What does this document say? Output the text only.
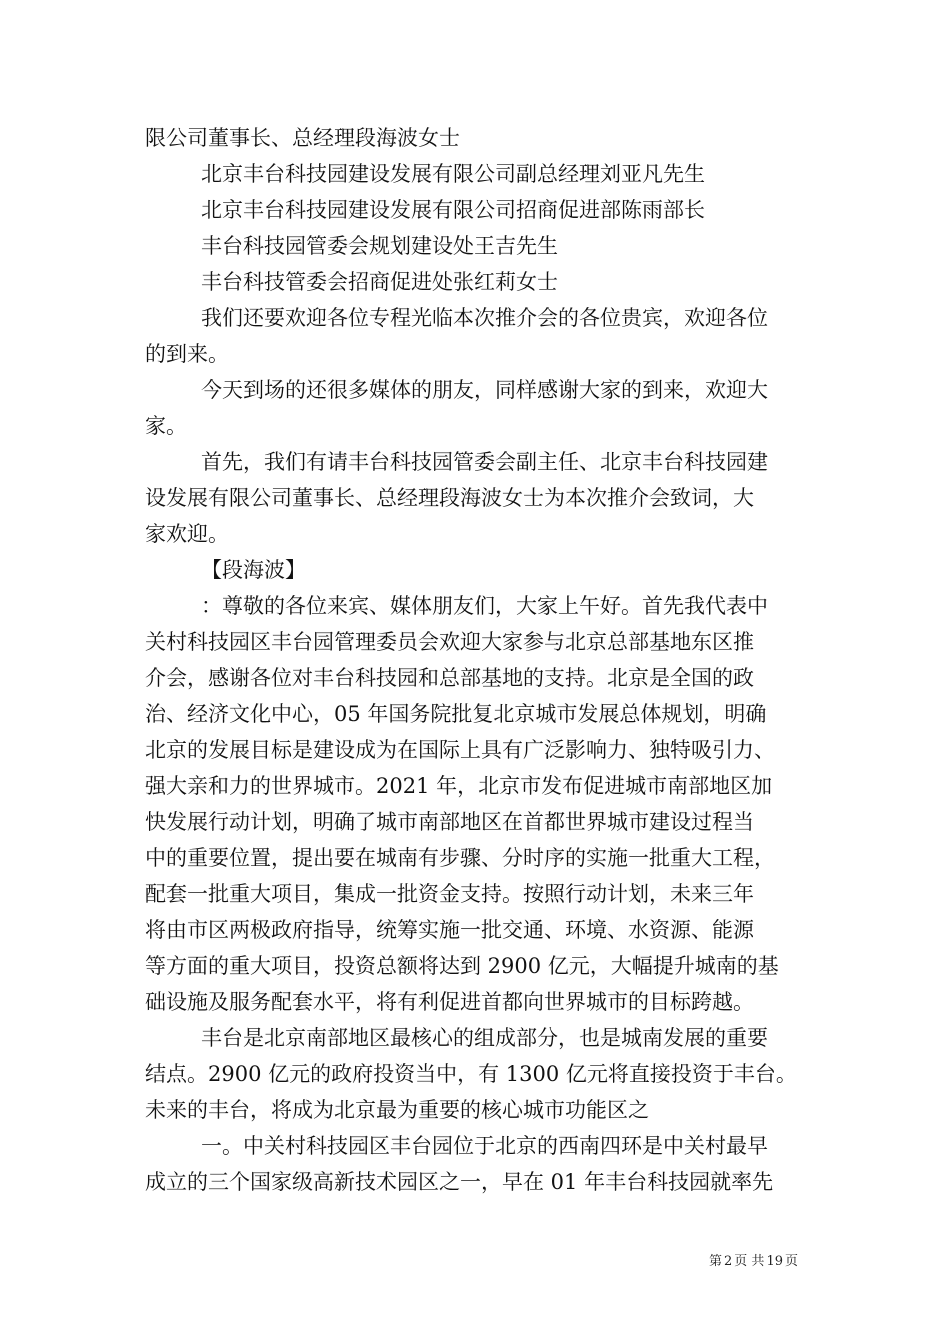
限公司董事长、总经理段海波女士
北京丰台科技园建设发展有限公司副总经理刘亚凡先生
北京丰台科技园建设发展有限公司招商促进部陈雨部长
丰台科技园管委会规划建设处王吉先生
丰台科技管委会招商促进处张红莉女士
我们还要欢迎各位专程光临本次推介会的各位贵宾，欢迎各位
的到来。
今天到场的还很多媒体的朋友，同样感谢大家的到来，欢迎大
家。
首先，我们有请丰台科技园管委会副主任、北京丰台科技园建
设发展有限公司董事长、总经理段海波女士为本次推介会致词，大
家欢迎。
【段海波】
：尊敬的各位来宾、媒体朋友们，大家上午好。首先我代表中
关村科技园区丰台园管理委员会欢迎大家参与北京总部基地东区推
介会，感谢各位对丰台科技园和总部基地的支持。北京是全国的政
治、经济文化中心，05 年国务院批复北京城市发展总体规划，明确
北京的发展目标是建设成为在国际上具有广泛影响力、独特吸引力、
强大亲和力的世界城市。2021 年，北京市发布促进城市南部地区加
快发展行动计划，明确了城市南部地区在首都世界城市建设过程当
中的重要位置，提出要在城南有步骤、分时序的实施一批重大工程，
配套一批重大项目，集成一批资金支持。按照行动计划，未来三年
将由市区两极政府指导，统筹实施一批交通、环境、水资源、能源
等方面的重大项目，投资总额将达到 2900 亿元，大幅提升城南的基
础设施及服务配套水平，将有利促进首都向世界城市的目标跨越。
丰台是北京南部地区最核心的组成部分，也是城南发展的重要
结点。2900 亿元的政府投资当中，有 1300 亿元将直接投资于丰台。
未来的丰台，将成为北京最为重要的核心城市功能区之
一。中关村科技园区丰台园位于北京的西南四环是中关村最早
成立的三个国家级高新技术园区之一，早在 01 年丰台科技园就率先
第 2 页 共 19 页
